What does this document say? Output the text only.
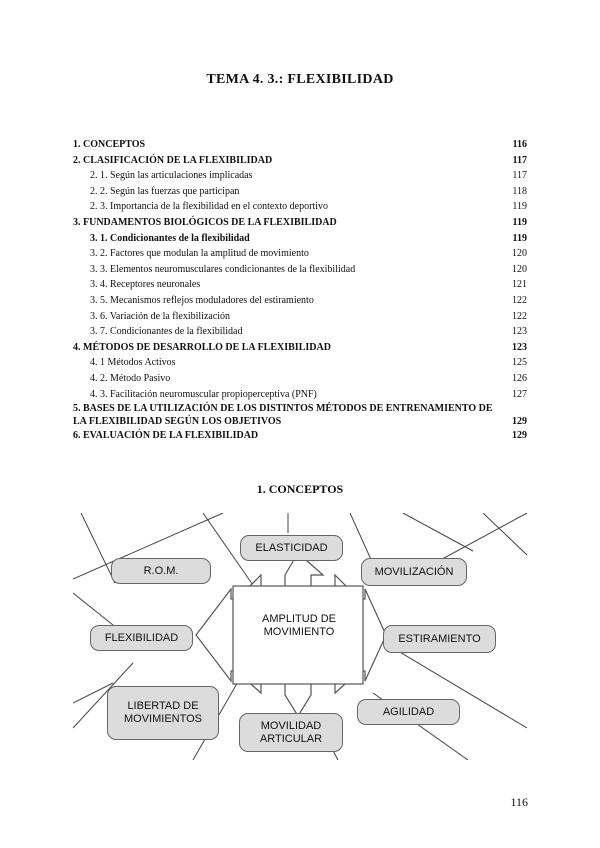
TEMA 4. 3.: FLEXIBILIDAD
1. CONCEPTOS	116
2. CLASIFICACIÓN DE LA FLEXIBILIDAD	117
2. 1. Según las articulaciones implicadas	117
2. 2. Según las fuerzas que participan	118
2. 3. Importancia de la flexibilidad en el contexto deportivo	119
3. FUNDAMENTOS BIOLÓGICOS DE LA FLEXIBILIDAD	119
3. 1. Condicionantes de la flexibilidad	119
3. 2. Factores que modulan la amplitud de movimiento	120
3. 3. Elementos neuromusculares condicionantes de la flexibilidad	120
3. 4. Receptores neuronales	121
3. 5. Mecanismos reflejos moduladores del estiramiento	122
3. 6. Variación de la flexibilización	122
3. 7. Condicionantes de la flexibilidad	123
4. MÉTODOS DE DESARROLLO DE LA FLEXIBILIDAD	123
4. 1 Métodos Activos	125
4. 2. Método Pasivo	126
4. 3. Facilitación neuromuscular propioperceptiva (PNF)	127
5. BASES DE LA UTILIZACIÓN DE LOS DISTINTOS MÉTODOS DE ENTRENAMIENTO DE LA FLEXIBILIDAD SEGÚN LOS OBJETIVOS	129
6. EVALUACIÓN DE LA FLEXIBILIDAD	129
1. CONCEPTOS
AMPLITUD DE MOVIMIENTO
ELASTICIDAD
R.O.M.	MOVILIZACIÓN
FLEXIBILIDAD	ESTIRAMIENTO
LIBERTAD DE MOVIMIENTOS
MOVILIDAD ARTICULAR
AGILIDAD
116
